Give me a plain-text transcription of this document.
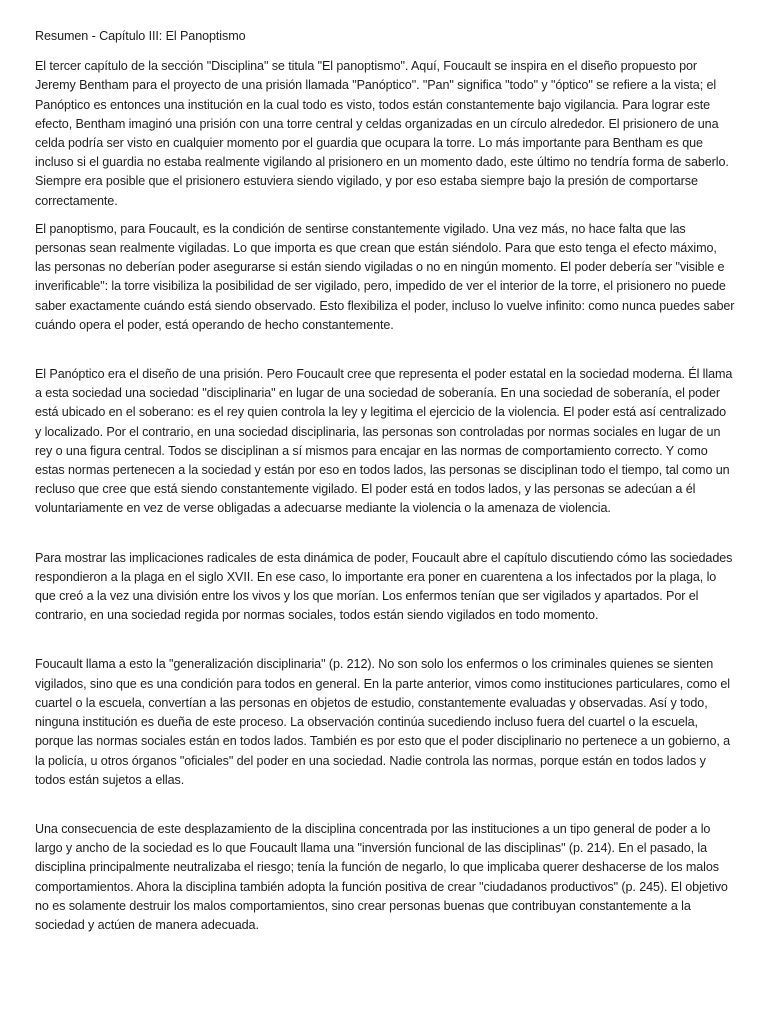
Resumen - Capítulo III: El Panoptismo

El tercer capítulo de la sección "Disciplina" se titula "El panoptismo". Aquí, Foucault se inspira en el diseño propuesto por Jeremy Bentham para el proyecto de una prisión llamada "Panóptico". "Pan" significa "todo" y "óptico" se refiere a la vista; el Panóptico es entonces una institución en la cual todo es visto, todos están constantemente bajo vigilancia. Para lograr este efecto, Bentham imaginó una prisión con una torre central y celdas organizadas en un círculo alrededor. El prisionero de una celda podría ser visto en cualquier momento por el guardia que ocupara la torre. Lo más importante para Bentham es que incluso si el guardia no estaba realmente vigilando al prisionero en un momento dado, este último no tendría forma de saberlo. Siempre era posible que el prisionero estuviera siendo vigilado, y por eso estaba siempre bajo la presión de comportarse correctamente.

El panoptismo, para Foucault, es la condición de sentirse constantemente vigilado. Una vez más, no hace falta que las personas sean realmente vigiladas. Lo que importa es que crean que están siéndolo. Para que esto tenga el efecto máximo, las personas no deberían poder asegurarse si están siendo vigiladas o no en ningún momento. El poder debería ser "visible e inverificable": la torre visibiliza la posibilidad de ser vigilado, pero, impedido de ver el interior de la torre, el prisionero no puede saber exactamente cuándo está siendo observado. Esto flexibiliza el poder, incluso lo vuelve infinito: como nunca puedes saber cuándo opera el poder, está operando de hecho constantemente.

El Panóptico era el diseño de una prisión. Pero Foucault cree que representa el poder estatal en la sociedad moderna. Él llama a esta sociedad una sociedad "disciplinaria" en lugar de una sociedad de soberanía. En una sociedad de soberanía, el poder está ubicado en el soberano: es el rey quien controla la ley y legitima el ejercicio de la violencia. El poder está así centralizado y localizado. Por el contrario, en una sociedad disciplinaria, las personas son controladas por normas sociales en lugar de un rey o una figura central. Todos se disciplinan a sí mismos para encajar en las normas de comportamiento correcto. Y como estas normas pertenecen a la sociedad y están por eso en todos lados, las personas se disciplinan todo el tiempo, tal como un recluso que cree que está siendo constantemente vigilado. El poder está en todos lados, y las personas se adecúan a él voluntariamente en vez de verse obligadas a adecuarse mediante la violencia o la amenaza de violencia.

Para mostrar las implicaciones radicales de esta dinámica de poder, Foucault abre el capítulo discutiendo cómo las sociedades respondieron a la plaga en el siglo XVII. En ese caso, lo importante era poner en cuarentena a los infectados por la plaga, lo que creó a la vez una división entre los vivos y los que morían. Los enfermos tenían que ser vigilados y apartados. Por el contrario, en una sociedad regida por normas sociales, todos están siendo vigilados en todo momento.

Foucault llama a esto la "generalización disciplinaria" (p. 212). No son solo los enfermos o los criminales quienes se sienten vigilados, sino que es una condición para todos en general. En la parte anterior, vimos como instituciones particulares, como el cuartel o la escuela, convertían a las personas en objetos de estudio, constantemente evaluadas y observadas. Así y todo, ninguna institución es dueña de este proceso. La observación continúa sucediendo incluso fuera del cuartel o la escuela, porque las normas sociales están en todos lados. También es por esto que el poder disciplinario no pertenece a un gobierno, a la policía, u otros órganos "oficiales" del poder en una sociedad. Nadie controla las normas, porque están en todos lados y todos están sujetos a ellas.

Una consecuencia de este desplazamiento de la disciplina concentrada por las instituciones a un tipo general de poder a lo largo y ancho de la sociedad es lo que Foucault llama una "inversión funcional de las disciplinas" (p. 214). En el pasado, la disciplina principalmente neutralizaba el riesgo; tenía la función de negarlo, lo que implicaba querer deshacerse de los malos comportamientos. Ahora la disciplina también adopta la función positiva de crear "ciudadanos productivos" (p. 245). El objetivo no es solamente destruir los malos comportamientos, sino crear personas buenas que contribuyan constantemente a la sociedad y actúen de manera adecuada.
